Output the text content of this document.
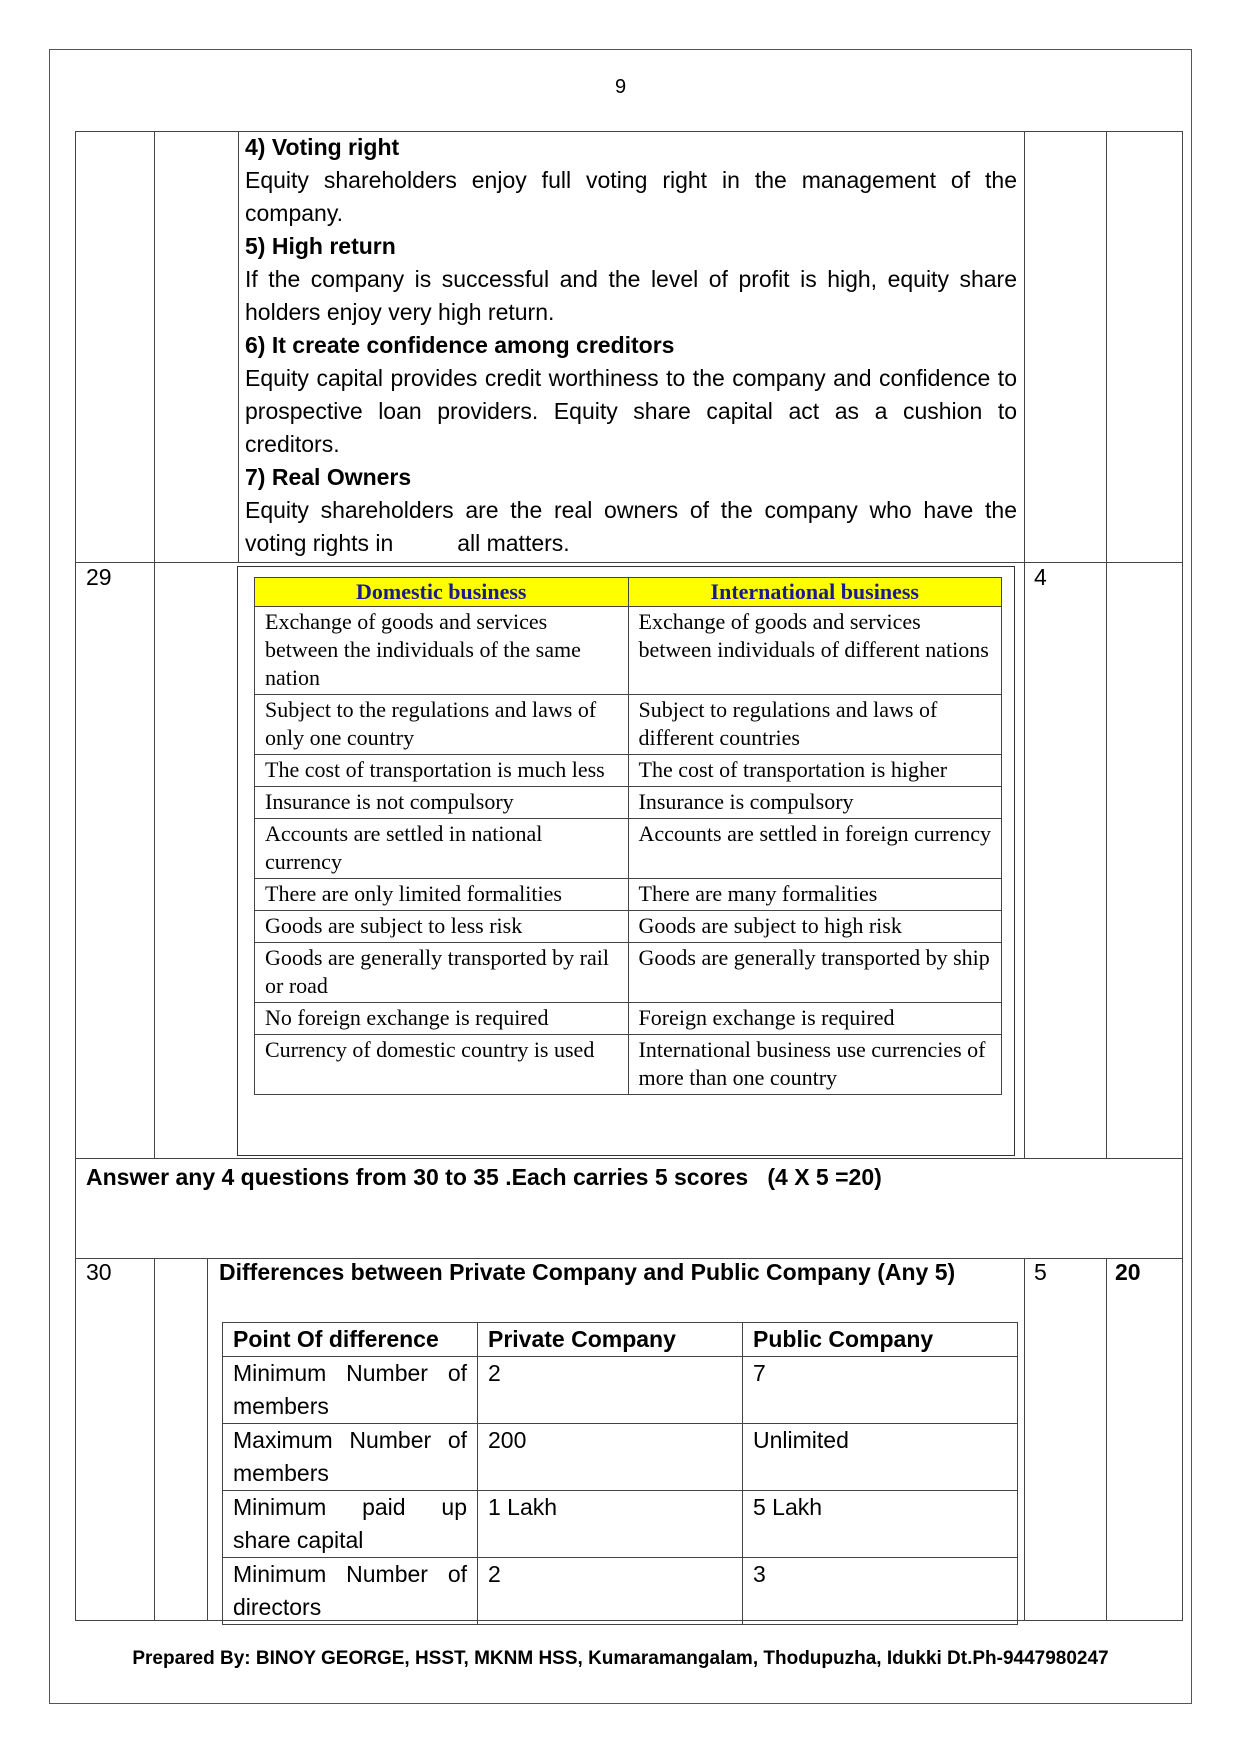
9
4) Voting right

Equity shareholders enjoy full voting right in the management of the company.

5) High return

If the company is successful and the level of profit is high, equity share holders enjoy very high return.

6) It create confidence among creditors

Equity capital provides credit worthiness to the company and confidence to prospective loan providers. Equity share capital act as a cushion to creditors.

7) Real Owners

Equity shareholders are the real owners of the company who have the voting rights in          all matters.

29	4
Domestic business	International business
Exchange of goods and services between the individuals of the same nation	Exchange of goods and services between individuals of different nations
Subject to the regulations and laws of only one country	Subject to regulations and laws of different countries
The cost of transportation is much less	The cost of transportation is higher
Insurance is not compulsory	Insurance is compulsory
Accounts are settled in national currency	Accounts are settled in foreign currency
There are only limited formalities	There are many formalities
Goods are subject to less risk	Goods are subject to high risk
Goods are generally transported by rail or road	Goods are generally transported by ship
No foreign exchange is required	Foreign exchange is required
Currency of domestic country is used	International business use currencies of more than one country
Answer any 4 questions from 30 to 35 .Each carries 5 scores   (4 X 5 =20)
30	Differences between Private Company and Public Company (Any 5)	5	20
Point Of difference	Private Company	Public Company
Minimum Number of members	2	7
Maximum Number of members	200	Unlimited
Minimum paid up share capital	1 Lakh	5 Lakh
Minimum Number of directors	2	3
Prepared By: BINOY GEORGE, HSST, MKNM HSS, Kumaramangalam, Thodupuzha, Idukki Dt.Ph-9447980247
